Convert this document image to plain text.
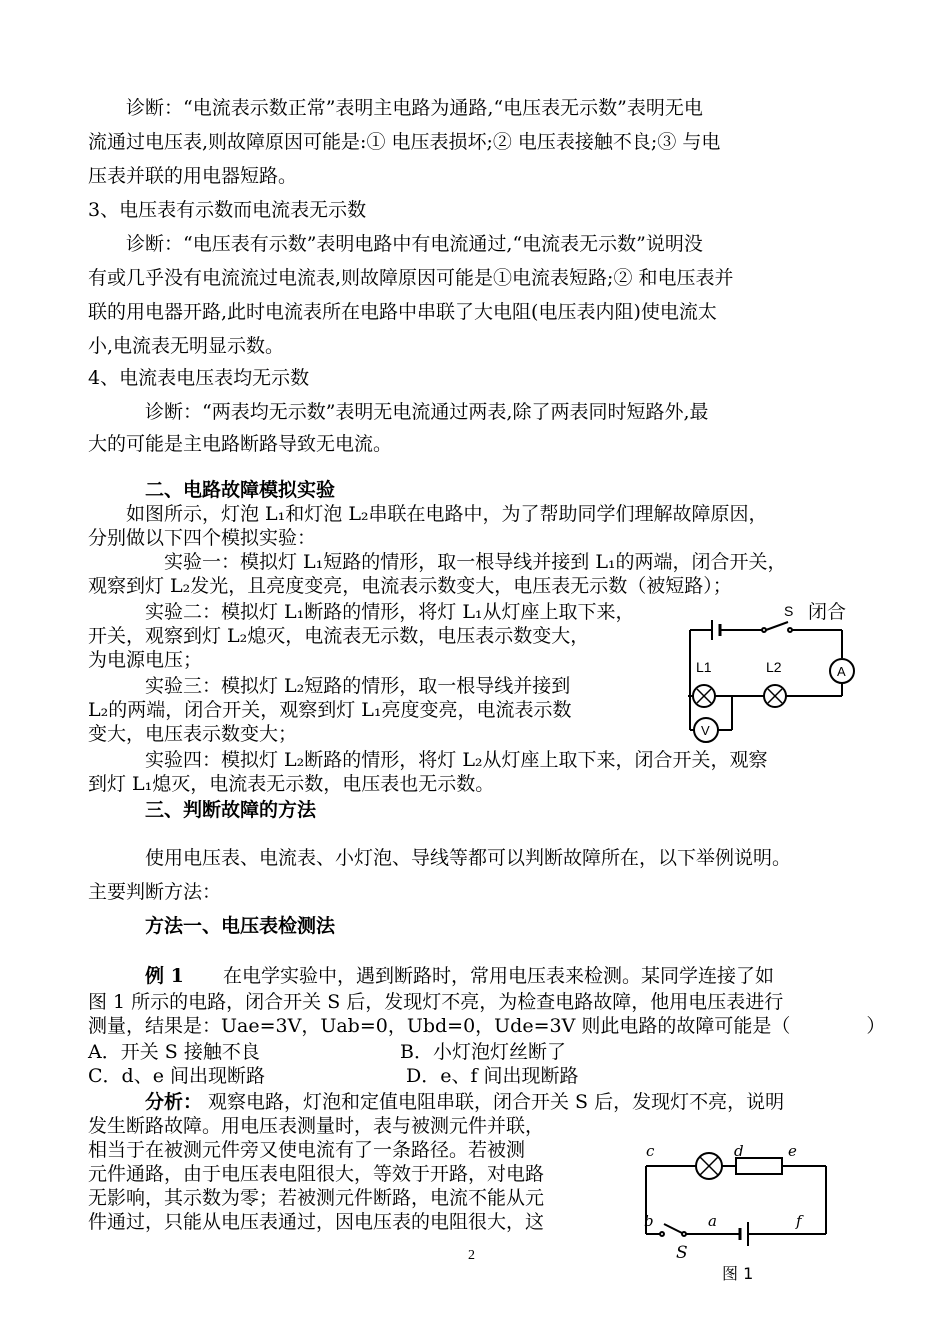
　　诊断：“电流表示数正常”表明主电路为通路,“电压表无示数”表明无电
流通过电压表,则故障原因可能是:① 电压表损坏;② 电压表接触不良;③ 与电
压表并联的用电器短路。
3、电压表有示数而电流表无示数
　　诊断：“电压表有示数”表明电路中有电流通过,“电流表无示数”说明没
有或几乎没有电流流过电流表,则故障原因可能是①电流表短路;② 和电压表并
联的用电器开路,此时电流表所在电路中串联了大电阻(电压表内阻)使电流太
小,电流表无明显示数。
4、电流表电压表均无示数
　　　诊断：“两表均无示数”表明无电流通过两表,除了两表同时短路外,最
大的可能是主电路断路导致无电流。
　　　二、电路故障模拟实验
　　如图所示，灯泡 L₁和灯泡 L₂串联在电路中，为了帮助同学们理解故障原因，
分别做以下四个模拟实验：
　　　　实验一：模拟灯 L₁短路的情形，取一根导线并接到 L₁的两端，闭合开关，
观察到灯 L₂发光，且亮度变亮，电流表示数变大，电压表无示数（被短路）；
　　　实验二：模拟灯 L₁断路的情形，将灯 L₁从灯座上取下来，	闭合
开关，观察到灯 L₂熄灭，电流表无示数，电压表示数变大，
为电源电压；
　　　实验三：模拟灯 L₂短路的情形，取一根导线并接到
L₂的两端，闭合开关，观察到灯 L₁亮度变亮，电流表示数
变大，电压表示数变大；
　　　实验四：模拟灯 L₂断路的情形，将灯 L₂从灯座上取下来，闭合开关，观察
到灯 L₁熄灭，电流表无示数，电压表也无示数。
S
L1	L2	A
V
　　　三、判断故障的方法
　　　使用电压表、电流表、小灯泡、导线等都可以判断故障所在，以下举例说明。
主要判断方法：
　　　方法一、电压表检测法
　　　例 1 　在电学实验中，遇到断路时，常用电压表来检测。某同学连接了如
图 1 所示的电路，闭合开关 S 后，发现灯不亮，为检查电路故障，他用电压表进行
测量，结果是：Uae=3V，Uab=0，Ubd=0，Ude=3V 则此电路的故障可能是（　　　　）
A．开关 S 接触不良	B．小灯泡灯丝断了
C．d、e 间出现断路	D．e、f 间出现断路
　　　分析： 观察电路，灯泡和定值电阻串联，闭合开关 S 后，发现灯不亮，说明
发生断路故障。用电压表测量时，表与被测元件并联，
相当于在被测元件旁又使电流有了一条路径。若被测
元件通路，由于电压表电阻很大，等效于开路，对电路
无影响，其示数为零；若被测元件断路，电流不能从元
件通过，只能从电压表通过，因电压表的电阻很大，这
c	d	e
b	a	f
S
图 1
2
